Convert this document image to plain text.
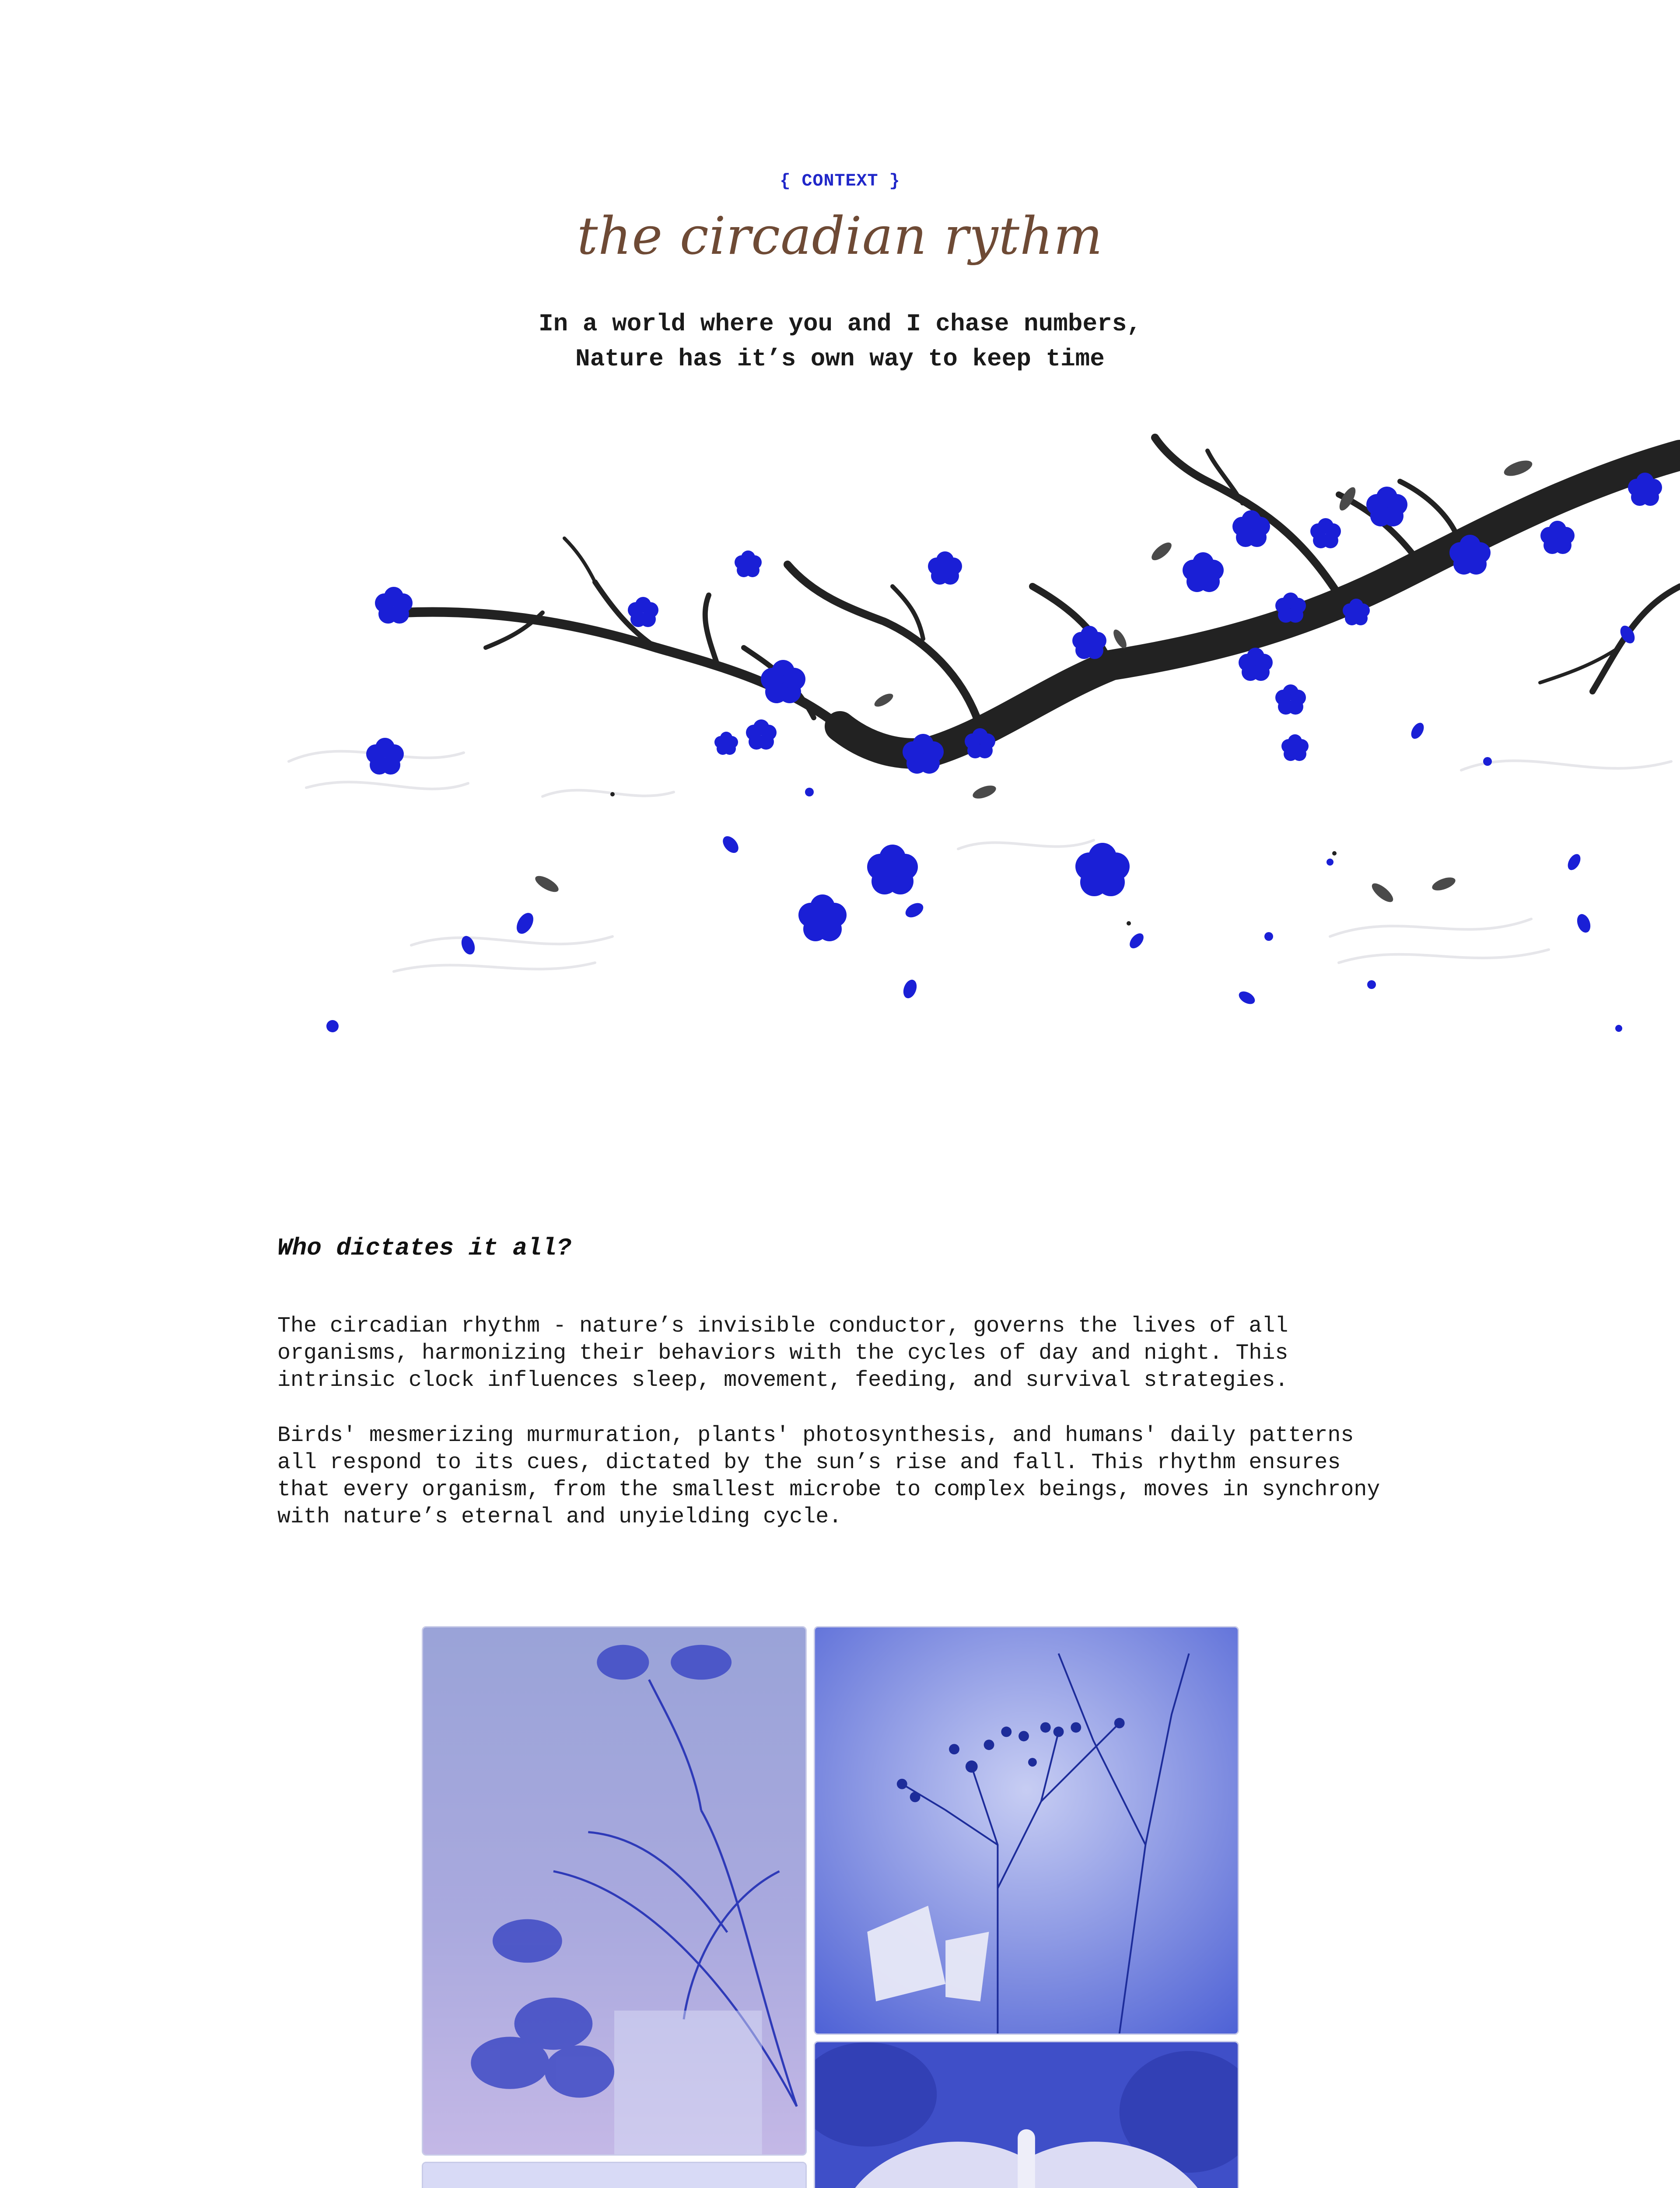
{ CONTEXT }
the circadian rythm
In a world where you and I chase numbers,
Nature has it’s own way to keep time
Who dictates it all?

The circadian rhythm - nature’s invisible conductor, governs the lives of all organisms, harmonizing their behaviors with the cycles of day and night. This intrinsic clock influences sleep, movement, feeding, and survival strategies.

Birds' mesmerizing murmuration, plants' photosynthesis, and humans' daily patterns all respond to its cues, dictated by the sun’s rise and fall. This rhythm ensures that every organism, from the smallest microbe to complex beings, moves in synchrony with nature’s eternal and unyielding cycle.
